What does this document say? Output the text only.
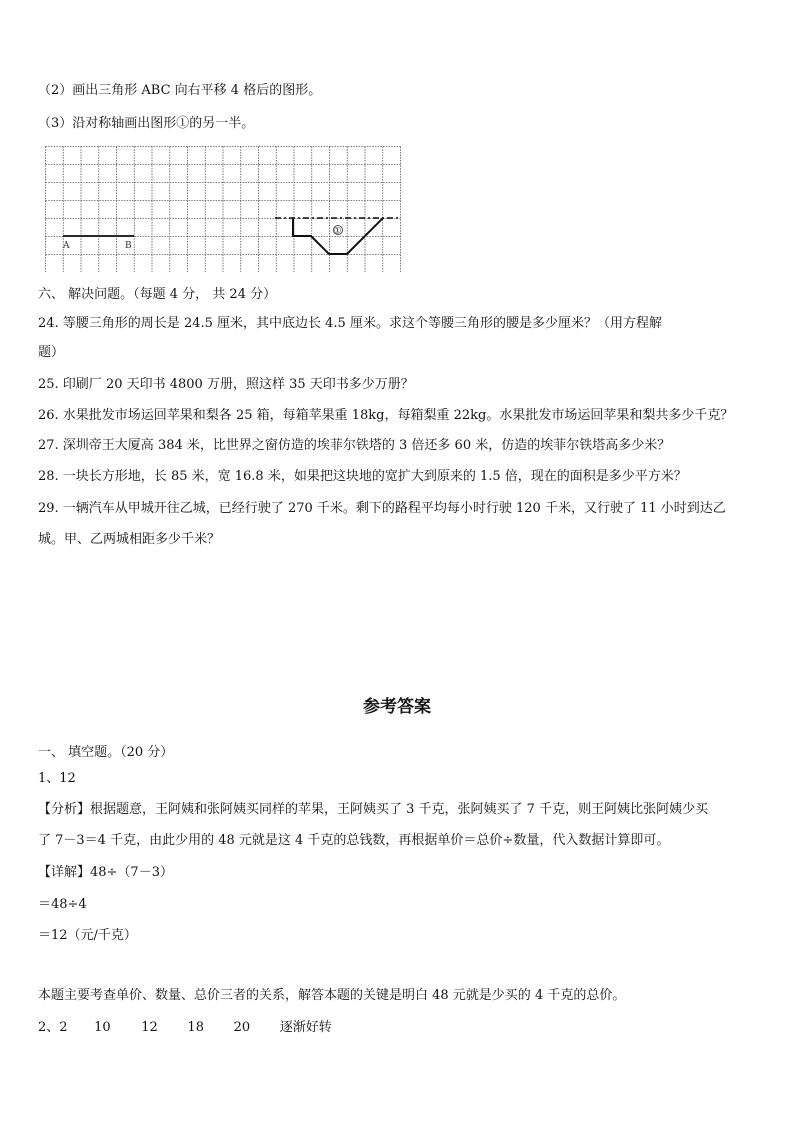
（2）画出三角形 ABC 向右平移 4 格后的图形。
（3）沿对称轴画出图形①的另一半。
A	B
①
六、 解决问题。（每题 4 分， 共 24 分）
24. 等腰三角形的周长是 24.5 厘米，其中底边长 4.5 厘米。求这个等腰三角形的腰是多少厘米？（用方程解
题）
25. 印刷厂 20 天印书 4800 万册，照这样 35 天印书多少万册？
26. 水果批发市场运回苹果和梨各 25 箱，每箱苹果重 18kg，每箱梨重 22kg。水果批发市场运回苹果和梨共多少千克？
27. 深圳帝王大厦高 384 米，比世界之窗仿造的埃菲尔铁塔的 3 倍还多 60 米，仿造的埃菲尔铁塔高多少米？
28. 一块长方形地，长 85 米，宽 16.8 米，如果把这块地的宽扩大到原来的 1.5 倍，现在的面积是多少平方米？
29. 一辆汽车从甲城开往乙城，已经行驶了 270 千米。剩下的路程平均每小时行驶 120 千米，又行驶了 11 小时到达乙
城。甲、乙两城相距多少千米？
参考答案
一、 填空题。（20 分）
1、12
【分析】根据题意，王阿姨和张阿姨买同样的苹果，王阿姨买了 3 千克，张阿姨买了 7 千克，则王阿姨比张阿姨少买
了 7－3＝4 千克，由此少用的 48 元就是这 4 千克的总钱数，再根据单价＝总价÷数量，代入数据计算即可。
【详解】48÷（7－3）
＝48÷4
＝12（元/千克）
本题主要考查单价、数量、总价三者的关系，解答本题的关键是明白 48 元就是少买的 4 千克的总价。
2、2 10 12 18 20 逐渐好转
